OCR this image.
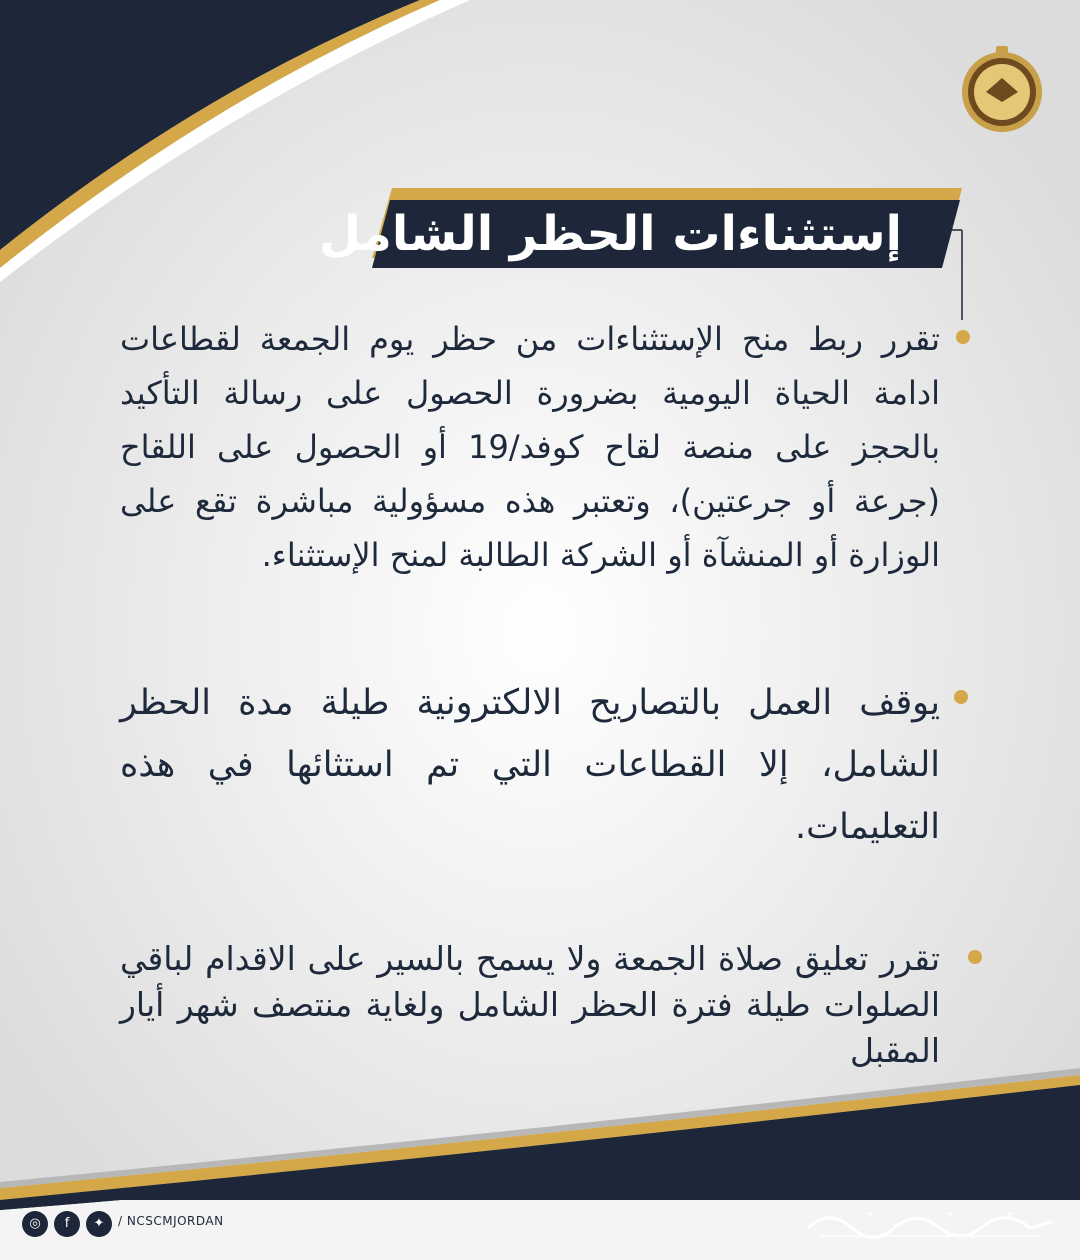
إستثناءات الحظر الشامل

تقرر ربط منح الإستثناءات من حظر يوم الجمعة لقطاعات ادامة الحياة اليومية بضرورة الحصول على رسالة التأكيد بالحجز على منصة لقاح كوفد/19 أو الحصول على اللقاح (جرعة أو جرعتين)، وتعتبر هذه مسؤولية مباشرة تقع على الوزارة أو المنشآة أو الشركة الطالبة لمنح الإستثناء.

يوقف العمل بالتصاريح الالكترونية طيلة مدة الحظر الشامل، إلا القطاعات التي تم استثائها في هذه التعليمات.

تقرر تعليق صلاة الجمعة ولا يسمح بالسير على الاقدام لباقي الصلوات طيلة فترة الحظر الشامل ولغاية منتصف شهر أيار المقبل

◎	f	✦	/ NCSCMJORDAN
